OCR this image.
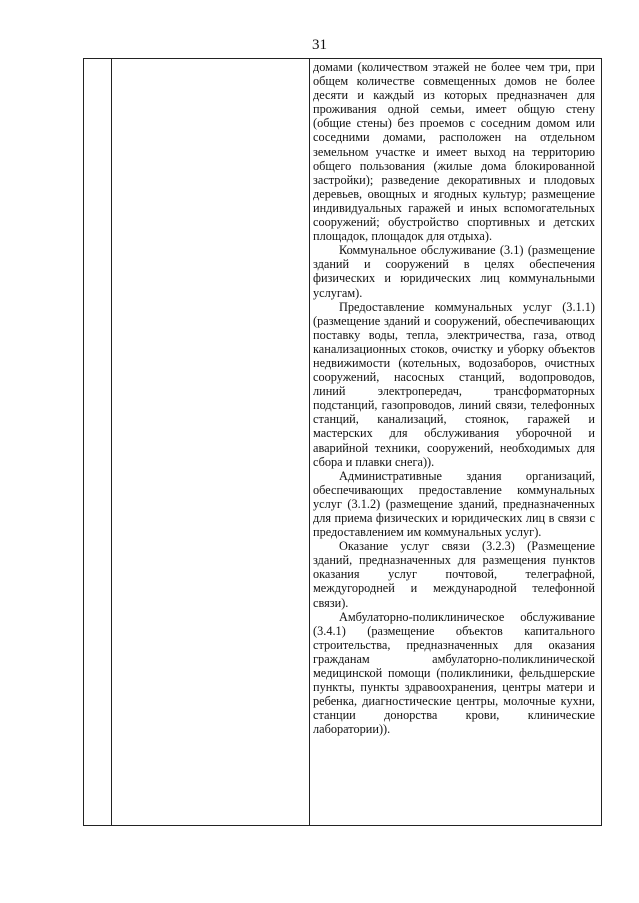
31

домами (количеством этажей не более чем три, при общем количестве совмещенных домов не более десяти и каждый из которых предназначен для проживания одной семьи, имеет общую стену (общие стены) без проемов с соседним домом или соседними домами, расположен на отдельном земельном участке и имеет выход на территорию общего пользования (жилые дома блокированной застройки); разведение декоративных и плодовых деревьев, овощных и ягодных культур; размещение индивидуальных гаражей и иных вспомогательных сооружений; обустройство спортивных и детских площадок, площадок для отдыха).

Коммунальное обслуживание (3.1) (размещение зданий и сооружений в целях обеспечения физических и юридических лиц коммунальными услугам).

Предоставление коммунальных услуг (3.1.1) (размещение зданий и сооружений, обеспечивающих поставку воды, тепла, электричества, газа, отвод канализационных стоков, очистку и уборку объектов недвижимости (котельных, водозаборов, очистных сооружений, насосных станций, водопроводов, линий электропередач, трансформаторных подстанций, газопроводов, линий связи, телефонных станций, канализаций, стоянок, гаражей и мастерских для обслуживания уборочной и аварийной техники, сооружений, необходимых для сбора и плавки снега)).

Административные здания организаций, обеспечивающих предоставление коммунальных услуг (3.1.2) (размещение зданий, предназначенных для приема физических и юридических лиц в связи с предоставлением им коммунальных услуг).

Оказание услуг связи (3.2.3) (Размещение зданий, предназначенных для размещения пунктов оказания услуг почтовой, телеграфной, междугородней и международной телефонной связи).

Амбулаторно-поликлиническое обслуживание (3.4.1) (размещение объектов капитального строительства, предназначенных для оказания гражданам амбулаторно-поликлинической медицинской помощи (поликлиники, фельдшерские пункты, пункты здравоохранения, центры матери и ребенка, диагностические центры, молочные кухни, станции донорства крови, клинические лаборатории)).
